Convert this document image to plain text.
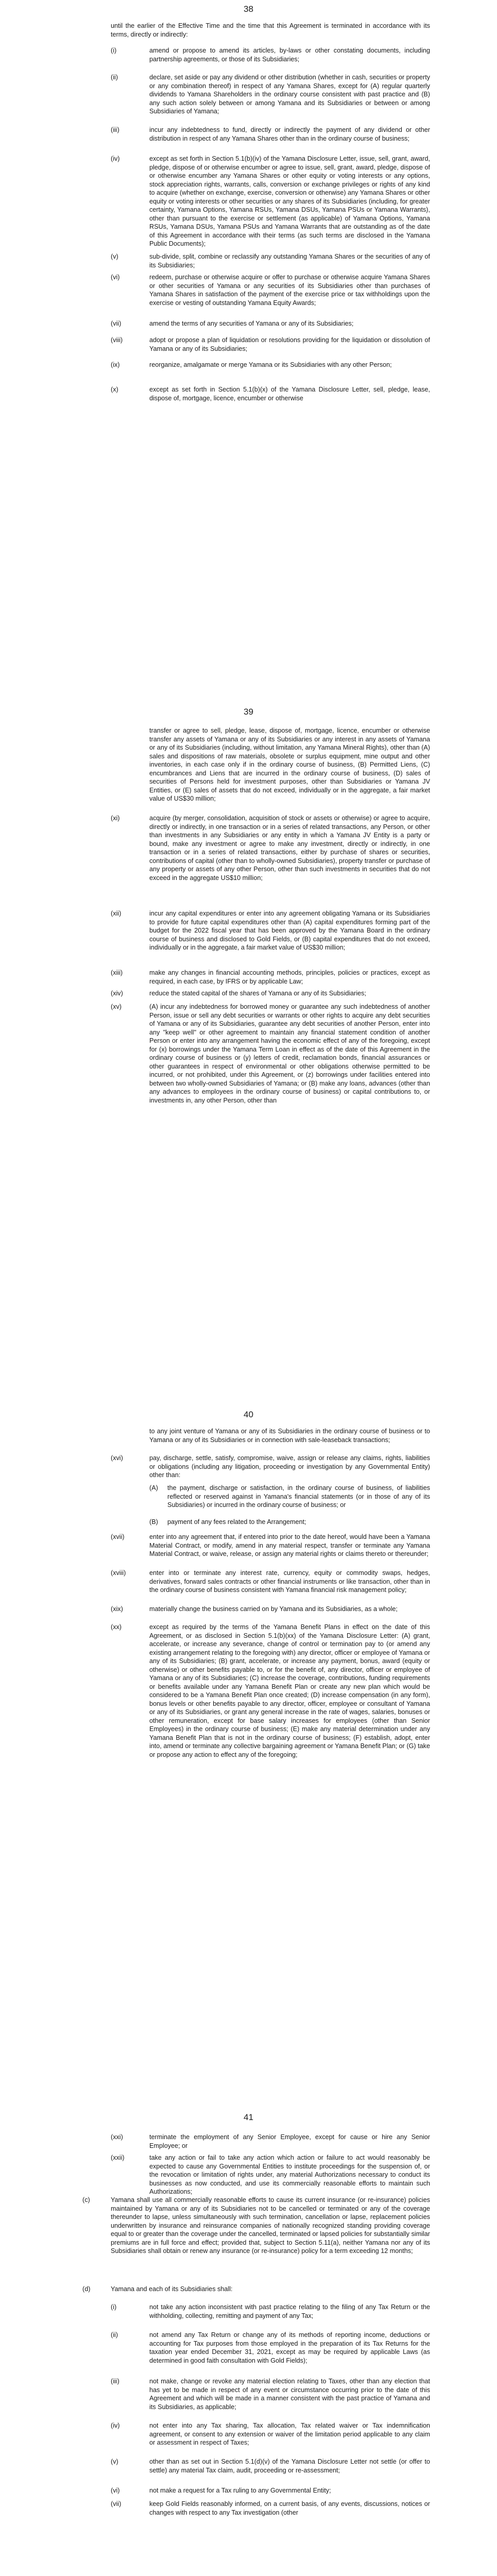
38
until the earlier of the Effective Time and the time that this Agreement is terminated in accordance with its terms, directly or indirectly:
(i)	amend or propose to amend its articles, by-laws or other constating documents, including partnership agreements, or those of its Subsidiaries;
(ii)	declare, set aside or pay any dividend or other distribution (whether in cash, securities or property or any combination thereof) in respect of any Yamana Shares, except for (A) regular quarterly dividends to Yamana Shareholders in the ordinary course consistent with past practice and (B) any such action solely between or among Yamana and its Subsidiaries or between or among Subsidiaries of Yamana;
(iii)	incur any indebtedness to fund, directly or indirectly the payment of any dividend or other distribution in respect of any Yamana Shares other than in the ordinary course of business;
(iv)	except as set forth in Section 5.1(b)(iv) of the Yamana Disclosure Letter, issue, sell, grant, award, pledge, dispose of or otherwise encumber or agree to issue, sell, grant, award, pledge, dispose of or otherwise encumber any Yamana Shares or other equity or voting interests or any options, stock appreciation rights, warrants, calls, conversion or exchange privileges or rights of any kind to acquire (whether on exchange, exercise, conversion or otherwise) any Yamana Shares or other equity or voting interests or other securities or any shares of its Subsidiaries (including, for greater certainty, Yamana Options, Yamana RSUs, Yamana DSUs, Yamana PSUs or Yamana Warrants), other than pursuant to the exercise or settlement (as applicable) of Yamana Options, Yamana RSUs, Yamana DSUs, Yamana PSUs and Yamana Warrants that are outstanding as of the date of this Agreement in accordance with their terms (as such terms are disclosed in the Yamana Public Documents);
(v)	sub-divide, split, combine or reclassify any outstanding Yamana Shares or the securities of any of its Subsidiaries;
(vi)	redeem, purchase or otherwise acquire or offer to purchase or otherwise acquire Yamana Shares or other securities of Yamana or any securities of its Subsidiaries other than purchases of Yamana Shares in satisfaction of the payment of the exercise price or tax withholdings upon the exercise or vesting of outstanding Yamana Equity Awards;
(vii)	amend the terms of any securities of Yamana or any of its Subsidiaries;
(viii)	adopt or propose a plan of liquidation or resolutions providing for the liquidation or dissolution of Yamana or any of its Subsidiaries;
(ix)	reorganize, amalgamate or merge Yamana or its Subsidiaries with any other Person;
(x)	except as set forth in Section 5.1(b)(x) of the Yamana Disclosure Letter, sell, pledge, lease, dispose of, mortgage, licence, encumber or otherwise
39
transfer or agree to sell, pledge, lease, dispose of, mortgage, licence, encumber or otherwise transfer any assets of Yamana or any of its Subsidiaries or any interest in any assets of Yamana or any of its Subsidiaries (including, without limitation, any Yamana Mineral Rights), other than (A) sales and dispositions of raw materials, obsolete or surplus equipment, mine output and other inventories, in each case only if in the ordinary course of business, (B) Permitted Liens, (C) encumbrances and Liens that are incurred in the ordinary course of business, (D) sales of securities of Persons held for investment purposes, other than Subsidiaries or Yamana JV Entities, or (E) sales of assets that do not exceed, individually or in the aggregate, a fair market value of US$30 million;
(xi)	acquire (by merger, consolidation, acquisition of stock or assets or otherwise) or agree to acquire, directly or indirectly, in one transaction or in a series of related transactions, any Person, or other than investments in any Subsidiaries or any entity in which a Yamana JV Entity is a party or bound, make any investment or agree to make any investment, directly or indirectly, in one transaction or in a series of related transactions, either by purchase of shares or securities, contributions of capital (other than to wholly-owned Subsidiaries), property transfer or purchase of any property or assets of any other Person, other than such investments in securities that do not exceed in the aggregate US$10 million;
(xii)	incur any capital expenditures or enter into any agreement obligating Yamana or its Subsidiaries to provide for future capital expenditures other than (A) capital expenditures forming part of the budget for the 2022 fiscal year that has been approved by the Yamana Board in the ordinary course of business and disclosed to Gold Fields, or (B) capital expenditures that do not exceed, individually or in the aggregate, a fair market value of US$30 million;
(xiii)	make any changes in financial accounting methods, principles, policies or practices, except as required, in each case, by IFRS or by applicable Law;
(xiv)	reduce the stated capital of the shares of Yamana or any of its Subsidiaries;
(xv)	(A) incur any indebtedness for borrowed money or guarantee any such indebtedness of another Person, issue or sell any debt securities or warrants or other rights to acquire any debt securities of Yamana or any of its Subsidiaries, guarantee any debt securities of another Person, enter into any "keep well" or other agreement to maintain any financial statement condition of another Person or enter into any arrangement having the economic effect of any of the foregoing, except for (x) borrowings under the Yamana Term Loan in effect as of the date of this Agreement in the ordinary course of business or (y) letters of credit, reclamation bonds, financial assurances or other guarantees in respect of environmental or other obligations otherwise permitted to be incurred, or not prohibited, under this Agreement, or (z) borrowings under facilities entered into between two wholly-owned Subsidiaries of Yamana; or (B) make any loans, advances (other than any advances to employees in the ordinary course of business) or capital contributions to, or investments in, any other Person, other than
40
to any joint venture of Yamana or any of its Subsidiaries in the ordinary course of business or to Yamana or any of its Subsidiaries or in connection with sale-leaseback transactions;
(xvi)	pay, discharge, settle, satisfy, compromise, waive, assign or release any claims, rights, liabilities or obligations (including any litigation, proceeding or investigation by any Governmental Entity) other than:
(A) the payment, discharge or satisfaction, in the ordinary course of business, of liabilities reflected or reserved against in Yamana's financial statements (or in those of any of its Subsidiaries) or incurred in the ordinary course of business; or
(B) payment of any fees related to the Arrangement;
(xvii)	enter into any agreement that, if entered into prior to the date hereof, would have been a Yamana Material Contract, or modify, amend in any material respect, transfer or terminate any Yamana Material Contract, or waive, release, or assign any material rights or claims thereto or thereunder;
(xviii)	enter into or terminate any interest rate, currency, equity or commodity swaps, hedges, derivatives, forward sales contracts or other financial instruments or like transaction, other than in the ordinary course of business consistent with Yamana financial risk management policy;
(xix)	materially change the business carried on by Yamana and its Subsidiaries, as a whole;
(xx)	except as required by the terms of the Yamana Benefit Plans in effect on the date of this Agreement, or as disclosed in Section 5.1(b)(xx) of the Yamana Disclosure Letter: (A) grant, accelerate, or increase any severance, change of control or termination pay to (or amend any existing arrangement relating to the foregoing with) any director, officer or employee of Yamana or any of its Subsidiaries; (B) grant, accelerate, or increase any payment, bonus, award (equity or otherwise) or other benefits payable to, or for the benefit of, any director, officer or employee of Yamana or any of its Subsidiaries; (C) increase the coverage, contributions, funding requirements or benefits available under any Yamana Benefit Plan or create any new plan which would be considered to be a Yamana Benefit Plan once created; (D) increase compensation (in any form), bonus levels or other benefits payable to any director, officer, employee or consultant of Yamana or any of its Subsidiaries, or grant any general increase in the rate of wages, salaries, bonuses or other remuneration, except for base salary increases for employees (other than Senior Employees) in the ordinary course of business; (E) make any material determination under any Yamana Benefit Plan that is not in the ordinary course of business; (F) establish, adopt, enter into, amend or terminate any collective bargaining agreement or Yamana Benefit Plan; or (G) take or propose any action to effect any of the foregoing;
41
(xxi)	terminate the employment of any Senior Employee, except for cause or hire any Senior Employee; or
(xxii)	take any action or fail to take any action which action or failure to act would reasonably be expected to cause any Governmental Entities to institute proceedings for the suspension of, or the revocation or limitation of rights under, any material Authorizations necessary to conduct its businesses as now conducted, and use its commercially reasonable efforts to maintain such Authorizations;
(c)	Yamana shall use all commercially reasonable efforts to cause its current insurance (or re-insurance) policies maintained by Yamana or any of its Subsidiaries not to be cancelled or terminated or any of the coverage thereunder to lapse, unless simultaneously with such termination, cancellation or lapse, replacement policies underwritten by insurance and reinsurance companies of nationally recognized standing providing coverage equal to or greater than the coverage under the cancelled, terminated or lapsed policies for substantially similar premiums are in full force and effect; provided that, subject to Section 5.11(a), neither Yamana nor any of its Subsidiaries shall obtain or renew any insurance (or re-insurance) policy for a term exceeding 12 months;
(d)	Yamana and each of its Subsidiaries shall:
(i)	not take any action inconsistent with past practice relating to the filing of any Tax Return or the withholding, collecting, remitting and payment of any Tax;
(ii)	not amend any Tax Return or change any of its methods of reporting income, deductions or accounting for Tax purposes from those employed in the preparation of its Tax Returns for the taxation year ended December 31, 2021, except as may be required by applicable Laws (as determined in good faith consultation with Gold Fields);
(iii)	not make, change or revoke any material election relating to Taxes, other than any election that has yet to be made in respect of any event or circumstance occurring prior to the date of this Agreement and which will be made in a manner consistent with the past practice of Yamana and its Subsidiaries, as applicable;
(iv)	not enter into any Tax sharing, Tax allocation, Tax related waiver or Tax indemnification agreement, or consent to any extension or waiver of the limitation period applicable to any claim or assessment in respect of Taxes;
(v)	other than as set out in Section 5.1(d)(v) of the Yamana Disclosure Letter not settle (or offer to settle) any material Tax claim, audit, proceeding or re-assessment;
(vi)	not make a request for a Tax ruling to any Governmental Entity;
(vii)	keep Gold Fields reasonably informed, on a current basis, of any events, discussions, notices or changes with respect to any Tax investigation (other
